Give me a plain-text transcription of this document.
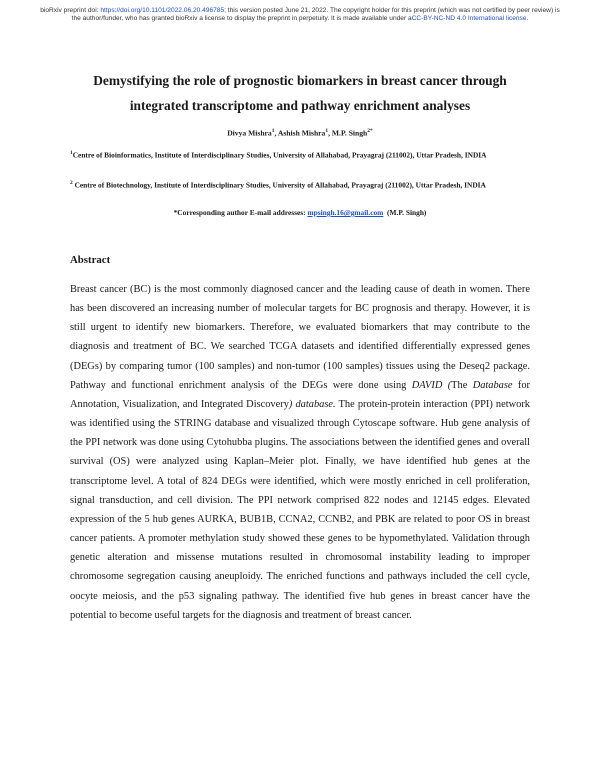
bioRxiv preprint doi: https://doi.org/10.1101/2022.06.20.496785; this version posted June 21, 2022. The copyright holder for this preprint (which was not certified by peer review) is the author/funder, who has granted bioRxiv a license to display the preprint in perpetuity. It is made available under aCC-BY-NC-ND 4.0 International license.
Demystifying the role of prognostic biomarkers in breast cancer through integrated transcriptome and pathway enrichment analyses
Divya Mishra$^1$, Ashish Mishra$^1$, M.P. Singh$^{2*}$
$^1$Centre of Bioinformatics, Institute of Interdisciplinary Studies, University of Allahabad, Prayagraj (211002), Uttar Pradesh, INDIA
$^2$ Centre of Biotechnology, Institute of Interdisciplinary Studies, University of Allahabad, Prayagraj (211002), Uttar Pradesh, INDIA
*Corresponding author E-mail addresses: mpsingh.16@gmail.com (M.P. Singh)
Abstract
Breast cancer (BC) is the most commonly diagnosed cancer and the leading cause of death in women. There has been discovered an increasing number of molecular targets for BC prognosis and therapy. However, it is still urgent to identify new biomarkers. Therefore, we evaluated biomarkers that may contribute to the diagnosis and treatment of BC. We searched TCGA datasets and identified differentially expressed genes (DEGs) by comparing tumor (100 samples) and non-tumor (100 samples) tissues using the Deseq2 package. Pathway and functional enrichment analysis of the DEGs were done using DAVID (The Database for Annotation, Visualization, and Integrated Discovery) database. The protein-protein interaction (PPI) network was identified using the STRING database and visualized through Cytoscape software. Hub gene analysis of the PPI network was done using Cytohubba plugins. The associations between the identified genes and overall survival (OS) were analyzed using Kaplan–Meier plot. Finally, we have identified hub genes at the transcriptome level. A total of 824 DEGs were identified, which were mostly enriched in cell proliferation, signal transduction, and cell division. The PPI network comprised 822 nodes and 12145 edges. Elevated expression of the 5 hub genes AURKA, BUB1B, CCNA2, CCNB2, and PBK are related to poor OS in breast cancer patients. A promoter methylation study showed these genes to be hypomethylated. Validation through genetic alteration and missense mutations resulted in chromosomal instability leading to improper chromosome segregation causing aneuploidy. The enriched functions and pathways included the cell cycle, oocyte meiosis, and the p53 signaling pathway. The identified five hub genes in breast cancer have the potential to become useful targets for the diagnosis and treatment of breast cancer.
